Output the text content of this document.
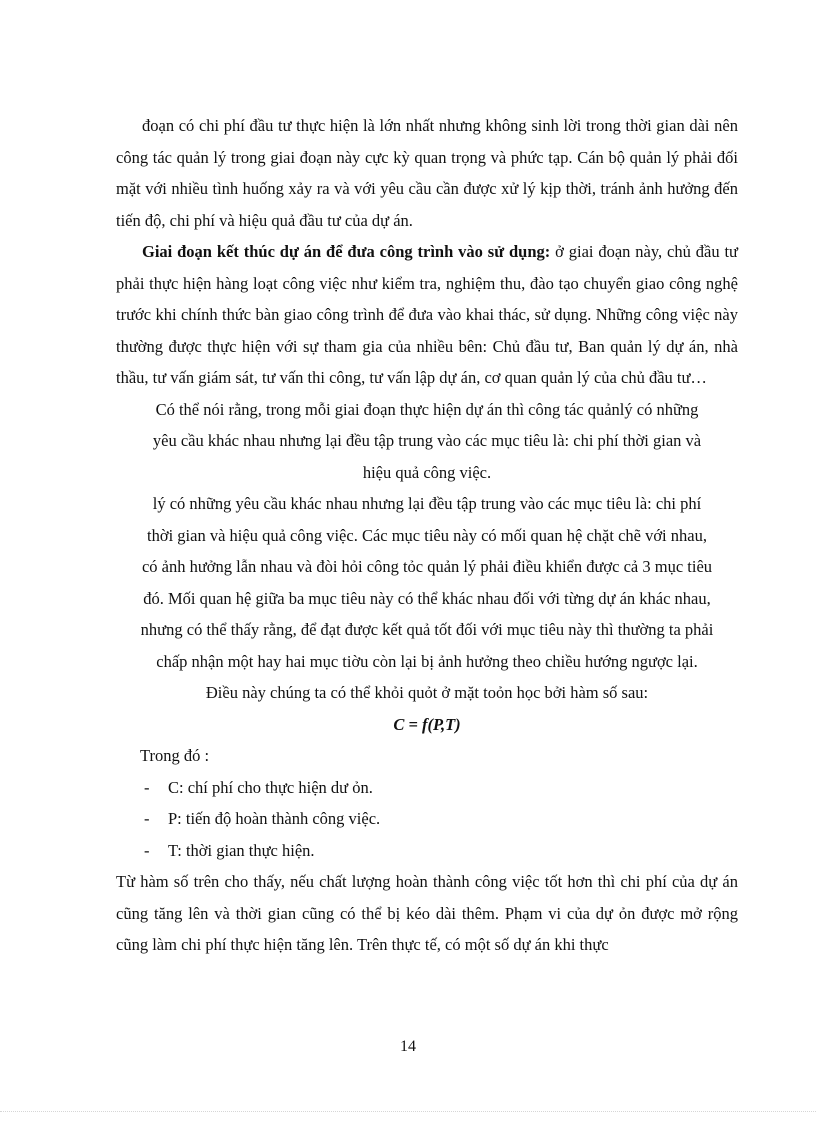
đoạn có chi phí đầu tư thực hiện là lớn nhất nhưng không sinh lời trong thời gian dài nên công tác quản lý trong giai đoạn này cực kỳ quan trọng và phức tạp. Cán bộ quản lý phải đối mặt với nhiều tình huống xảy ra và với yêu cầu cần được xử lý kịp thời, tránh ảnh hưởng đến tiến độ, chi phí và hiệu quả đầu tư của dự án.

Giai đoạn kết thúc dự án để đưa công trình vào sử dụng: ở giai đoạn này, chủ đầu tư phải thực hiện hàng loạt công việc như kiểm tra, nghiệm thu, đào tạo chuyển giao công nghệ trước khi chính thức bàn giao công trình để đưa vào khai thác, sử dụng. Những công việc này thường được thực hiện với sự tham gia của nhiều bên: Chủ đầu tư, Ban quản lý dự án, nhà thầu, tư vấn giám sát, tư vấn thi công, tư vấn lập dự án, cơ quan quản lý của chủ đầu tư…

Có thể nói rằng, trong mỗi giai đoạn thực hiện dự án thì công tác quảnlý có những

yêu cầu khác nhau nhưng lại đều tập trung vào các mục tiêu là: chi phí thời gian và

hiệu quả công việc.

lý có những yêu cầu khác nhau nhưng lại đều tập trung vào các mục tiêu là: chi phí

thời gian và hiệu quả công việc. Các mục tiêu này có mối quan hệ chặt chẽ với nhau,

có ảnh hưởng lẫn nhau và đòi hỏi công tỏc quản lý phải điều khiển được cả 3 mục tiêu

đó. Mối quan hệ giữa ba mục tiêu này có thể khác nhau đối với từng dự án khác nhau,

nhưng có thể thấy rằng, để đạt được kết quả tốt đối với mục tiêu này thì thường ta phải

chấp nhận một hay hai mục tiờu còn lại bị ảnh hưởng theo chiều hướng ngược lại.

Điều này chúng ta có thể khỏi quỏt ở mặt toỏn học bởi hàm số sau:

C = f(P,T)

Trong đó :

-	C: chí phí cho thực hiện dư ỏn.

-	P: tiến độ hoàn thành công việc.

-	T: thời gian thực hiện.

Từ hàm số trên cho thấy, nếu chất lượng hoàn thành công việc tốt hơn thì chi phí của dự án cũng tăng lên và thời gian cũng có thể bị kéo dài thêm. Phạm vi của dự ỏn được mở rộng cũng làm chi phí thực hiện tăng lên. Trên thực tế, có một số dự án khi thực

14
